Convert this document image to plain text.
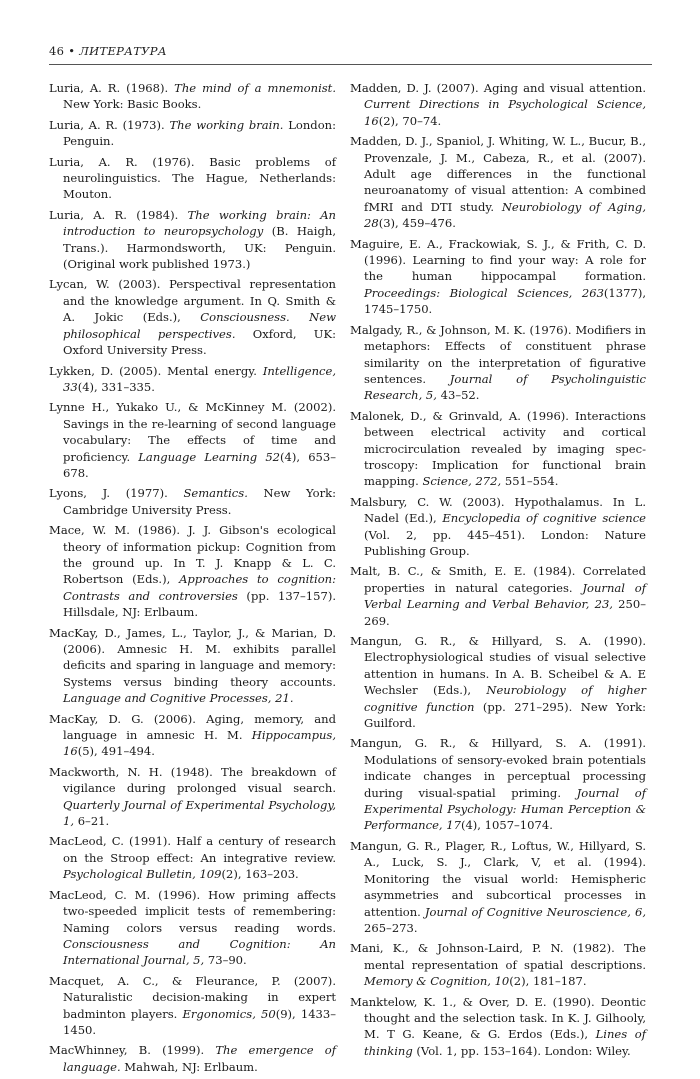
46 • ЛИТЕРАТУРА

Luria, A. R. (1968). The mind of a mnemonist. New York: Basic Books.

Luria, A. R. (1973). The working brain. London: Penguin.

Luria, A. R. (1976). Basic problems of neurolinguistics. The Hague, Netherlands: Mouton.

Luria, A. R. (1984). The working brain: An introduction to neuropsychology (B. Haigh, Trans.). Harmondsworth, UK: Penguin. (Original work published 1973.)

Lycan, W. (2003). Perspectival representation and the knowledge argument. In Q. Smith & A. Jokic (Eds.), Consciousness. New philosophical perspectives. Oxford, UK: Oxford University Press.

Lykken, D. (2005). Mental energy. Intelligence, 33(4), 331–335.

Lynne H., Yukako U., & McKinney M. (2002). Savings in the re-learning of second language vocabulary: The effects of time and proficiency. Language Learning 52(4), 653–678.

Lyons, J. (1977). Semantics. New York: Cambridge University Press.

Mace, W. M. (1986). J. J. Gibson's ecological theory of information pickup: Cognition from the ground up. In T. J. Knapp & L. C. Robertson (Eds.), Approaches to cognition: Contrasts and controversies (pp. 137–157). Hillsdale, NJ: Erlbaum.

MacKay, D., James, L., Taylor, J., & Marian, D. (2006). Amnesic H. M. exhibits parallel deficits and sparing in language and memory: Systems versus binding theory accounts. Language and Cognitive Processes, 21.

MacKay, D. G. (2006). Aging, memory, and language in amnesic H. M. Hippocampus, 16(5), 491–494.

Mackworth, N. H. (1948). The breakdown of vigilance during prolonged visual search. Quarterly Journal of Experimental Psychology, 1, 6–21.

MacLeod, C. (1991). Half a century of research on the Stroop effect: An integrative review. Psychological Bulletin, 109(2), 163–203.

MacLeod, C. M. (1996). How priming affects two-speeded implicit tests of remembering: Naming colors versus reading words. Consciousness and Cognition: An International Journal, 5, 73–90.

Macquet, A. C., & Fleurance, P. (2007). Naturalistic decision-making in expert badminton players. Ergonomics, 50(9), 1433–1450.

MacWhinney, B. (1999). The emergence of language. Mahwah, NJ: Erlbaum.

Madden, D. J. (2007). Aging and visual attention. Current Directions in Psychological Science, 16(2), 70–74.

Madden, D. J., Spaniol, J. Whiting, W. L., Bucur, B., Provenzale, J. M., Cabeza, R., et al. (2007). Adult age differences in the functional neuroanatomy of visual attention: A combined fMRI and DTI study. Neurobiology of Aging, 28(3), 459–476.

Maguire, E. A., Frackowiak, S. J., & Frith, C. D. (1996). Learning to find your way: A role for the human hippocampal formation. Proceedings: Biological Sciences, 263(1377), 1745–1750.

Malgady, R., & Johnson, M. K. (1976). Modifiers in metaphors: Effects of constituent phrase similarity on the interpretation of figurative sentences. Journal of Psycholinguistic Research, 5, 43–52.

Malonek, D., & Grinvald, A. (1996). Interactions between electrical activity and cortical microcirculation revealed by imaging spec-troscopy: Implication for functional brain mapping. Science, 272, 551–554.

Malsbury, C. W. (2003). Hypothalamus. In L. Nadel (Ed.), Encyclopedia of cognitive science (Vol. 2, pp. 445–451). London: Nature Publishing Group.

Malt, B. C., & Smith, E. E. (1984). Correlated properties in natural categories. Journal of Verbal Learning and Verbal Behavior, 23, 250–269.

Mangun, G. R., & Hillyard, S. A. (1990). Electrophysiological studies of visual selective attention in humans. In A. B. Scheibel & A. E Wechsler (Eds.), Neurobiology of higher cognitive function (pp. 271–295). New York: Guilford.

Mangun, G. R., & Hillyard, S. A. (1991). Modulations of sensory-evoked brain potentials indicate changes in perceptual processing during visual-spatial priming. Journal of Experimental Psychology: Human Perception & Performance, 17(4), 1057–1074.

Mangun, G. R., Plager, R., Loftus, W., Hillyard, S. A., Luck, S. J., Clark, V, et al. (1994). Monitoring the visual world: Hemispheric asymmetries and subcortical processes in attention. Journal of Cognitive Neuroscience, 6, 265–273.

Mani, K., & Johnson-Laird, P. N. (1982). The mental representation of spatial descriptions. Memory & Cognition, 10(2), 181–187.

Manktelow, K. 1., & Over, D. E. (1990). Deontic thought and the selection task. In K. J. Gilhooly, M. T G. Keane, & G. Erdos (Eds.), Lines of thinking (Vol. 1, pp. 153–164). London: Wiley.
